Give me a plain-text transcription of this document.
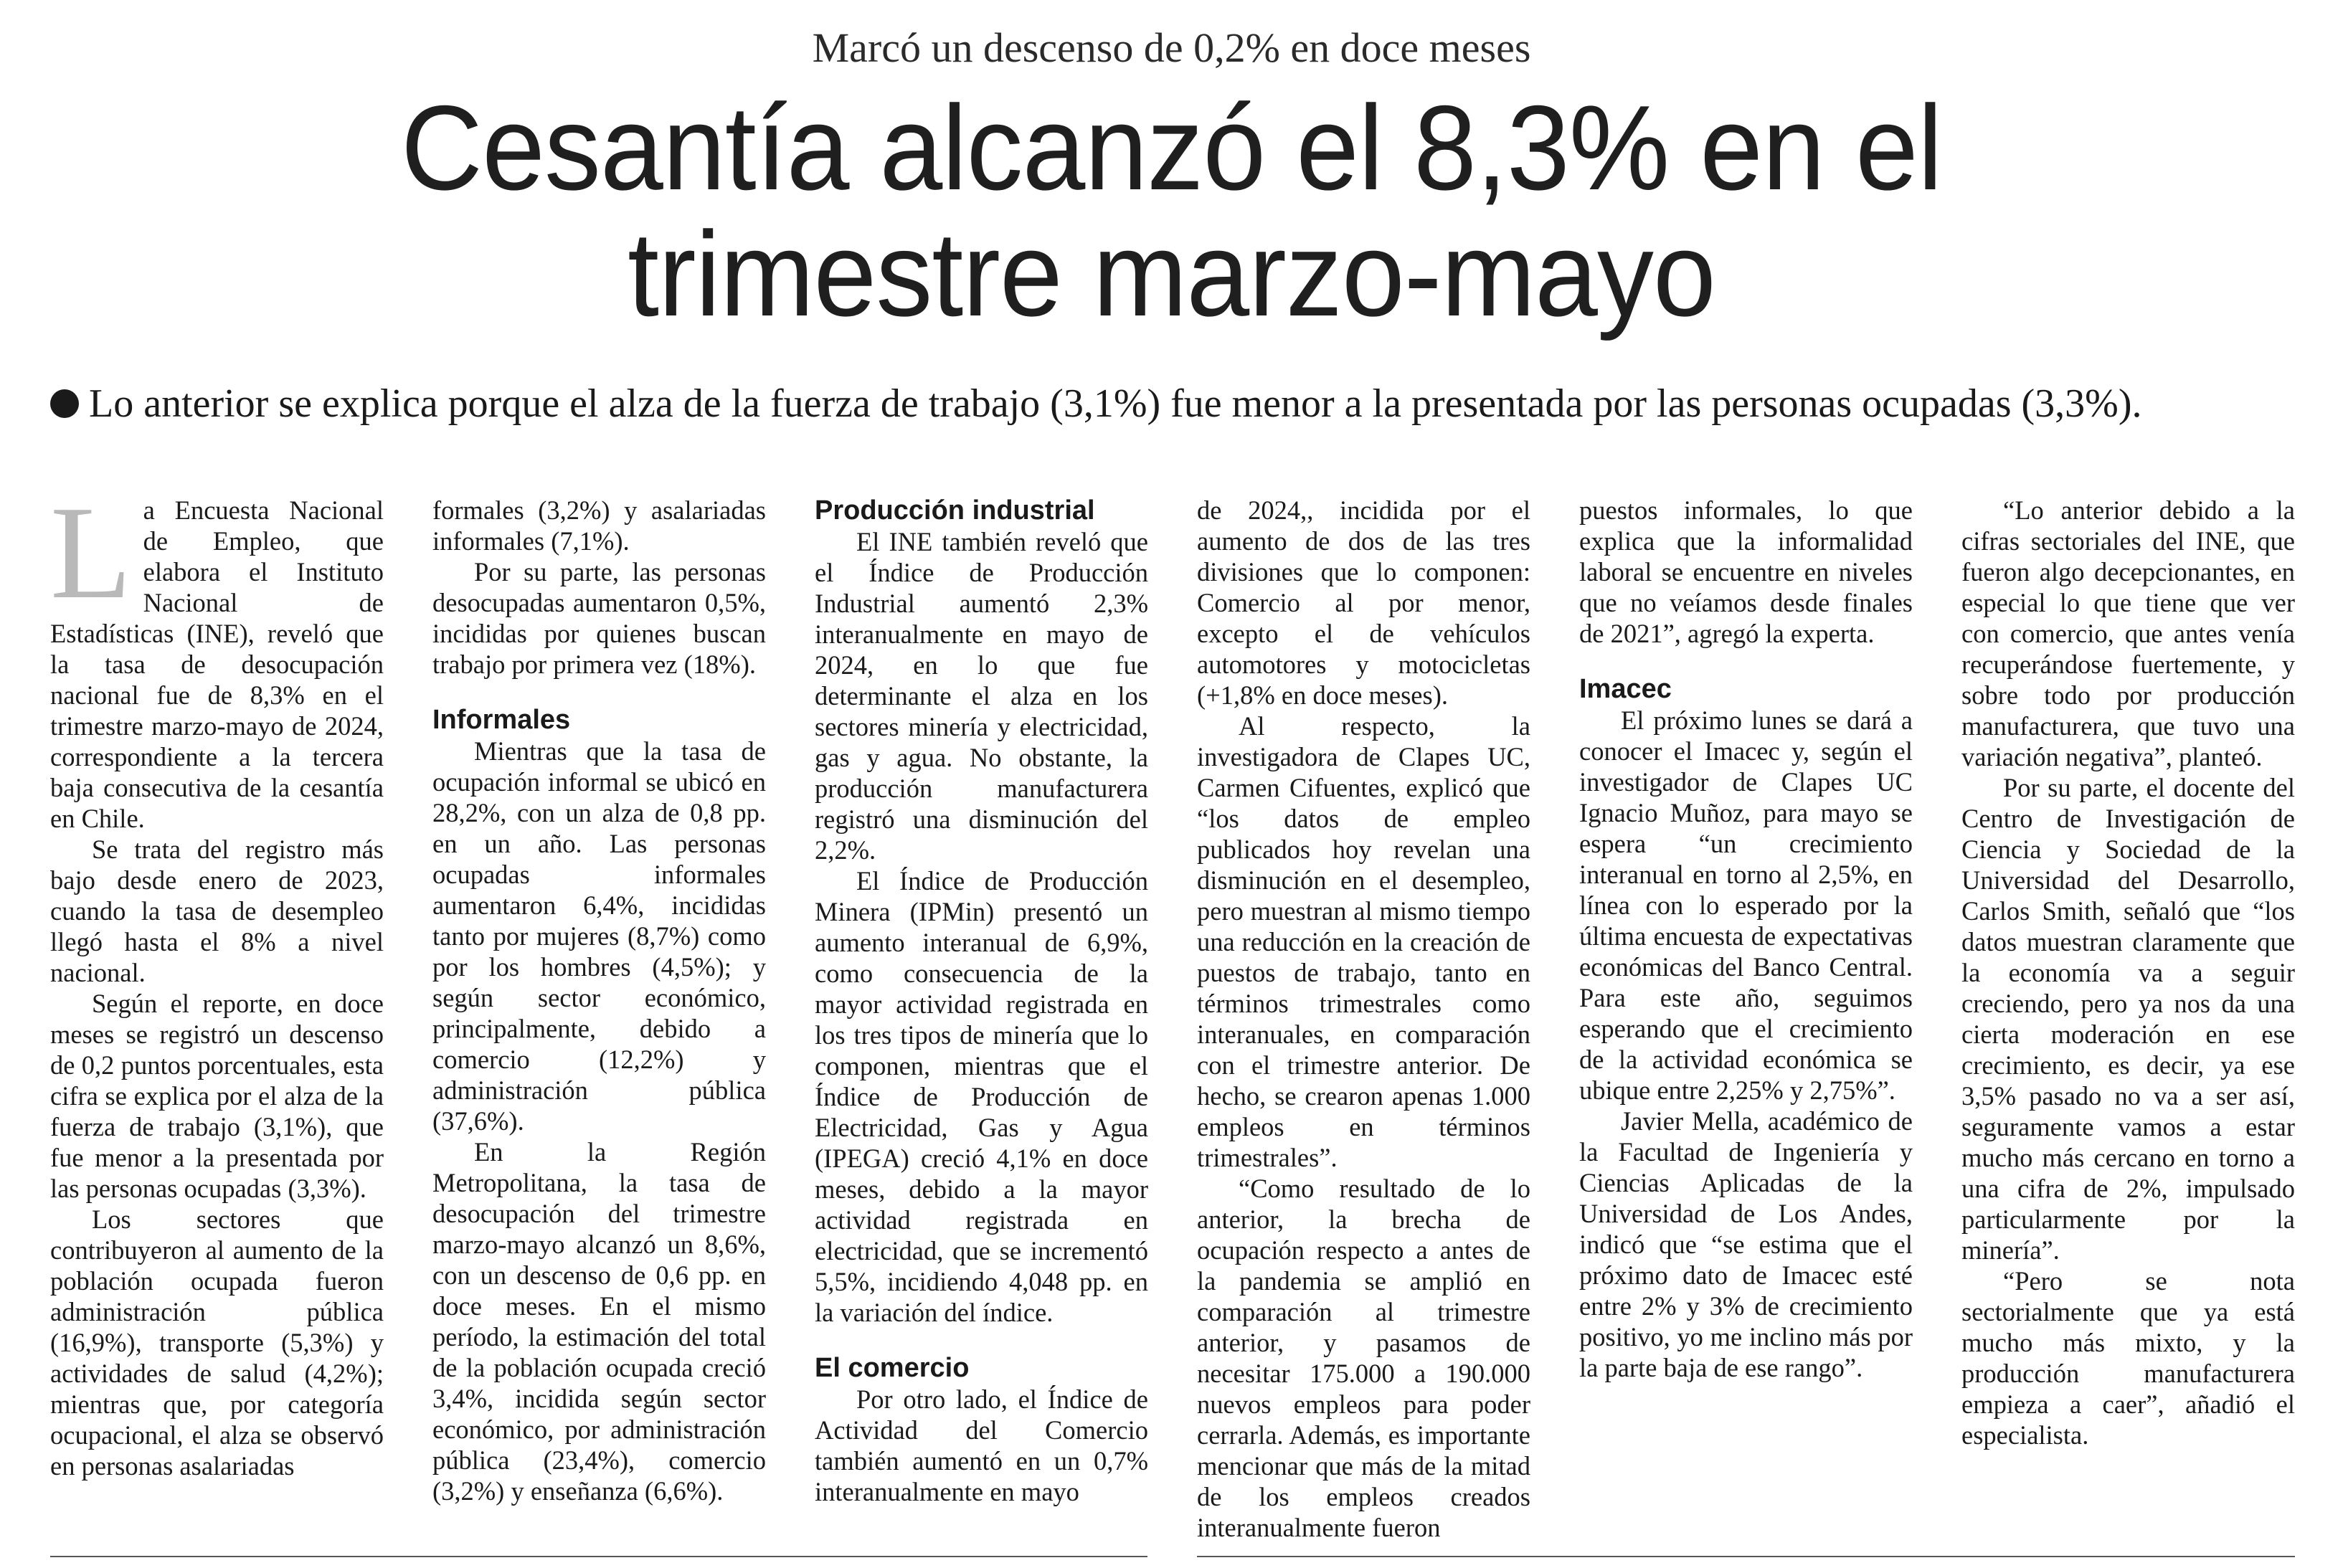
Marcó un descenso de 0,2% en doce meses
Cesantía alcanzó el 8,3% en el
trimestre marzo-mayo
Lo anterior se explica porque el alza de la fuerza de trabajo (3,1%) fue menor a la presentada por las personas ocupadas (3,3%).
L a Encuesta Nacional de Empleo, que elabora el Instituto Nacional de Estadísticas (INE), reveló que la tasa de desocupación nacional fue de 8,3% en el trimestre marzo-mayo de 2024, correspondiente a la tercera baja consecutiva de la cesantía en Chile.

Se trata del registro más bajo desde enero de 2023, cuando la tasa de desempleo llegó hasta el 8% a nivel nacional.

Según el reporte, en doce meses se registró un descenso de 0,2 puntos porcentuales, esta cifra se explica por el alza de la fuerza de trabajo (3,1%), que fue menor a la presentada por las personas ocupadas (3,3%).

Los sectores que contribuyeron al aumento de la población ocupada fueron administración pública (16,9%), transporte (5,3%) y actividades de salud (4,2%); mientras que, por categoría ocupacional, el alza se observó en personas asalariadas

formales (3,2%) y asalariadas informales (7,1%).

Por su parte, las personas desocupadas aumentaron 0,5%, incididas por quienes buscan trabajo por primera vez (18%).

Informales

Mientras que la tasa de ocupación informal se ubicó en 28,2%, con un alza de 0,8 pp. en un año. Las personas ocupadas informales aumentaron 6,4%, incididas tanto por mujeres (8,7%) como por los hombres (4,5%); y según sector económico, principalmente, debido a comercio (12,2%) y administración pública (37,6%).

En la Región Metropolitana, la tasa de desocupación del trimestre marzo-mayo alcanzó un 8,6%, con un descenso de 0,6 pp. en doce meses. En el mismo período, la estimación del total de la población ocupada creció 3,4%, incidida según sector económico, por administración pública (23,4%), comercio (3,2%) y enseñanza (6,6%).

Producción industrial

El INE también reveló que el Índice de Producción Industrial aumentó 2,3% interanualmente en mayo de 2024, en lo que fue determinante el alza en los sectores minería y electricidad, gas y agua. No obstante, la producción manufacturera registró una disminución del 2,2%.

El Índice de Producción Minera (IPMin) presentó un aumento interanual de 6,9%, como consecuencia de la mayor actividad registrada en los tres tipos de minería que lo componen, mientras que el Índice de Producción de Electricidad, Gas y Agua (IPEGA) creció 4,1% en doce meses, debido a la mayor actividad registrada en electricidad, que se incrementó 5,5%, incidiendo 4,048 pp. en la variación del índice.

El comercio

Por otro lado, el Índice de Actividad del Comercio también aumentó en un 0,7% interanualmente en mayo

de 2024,, incidida por el aumento de dos de las tres divisiones que lo componen: Comercio al por menor, excepto el de vehículos automotores y motocicletas (+1,8% en doce meses).

Al respecto, la investigadora de Clapes UC, Carmen Cifuentes, explicó que “los datos de empleo publicados hoy revelan una disminución en el desempleo, pero muestran al mismo tiempo una reducción en la creación de puestos de trabajo, tanto en términos trimestrales como interanuales, en comparación con el trimestre anterior. De hecho, se crearon apenas 1.000 empleos en términos trimestrales”.

“Como resultado de lo anterior, la brecha de ocupación respecto a antes de la pandemia se amplió en comparación al trimestre anterior, y pasamos de necesitar 175.000 a 190.000 nuevos empleos para poder cerrarla. Además, es importante mencionar que más de la mitad de los empleos creados interanualmente fueron

puestos informales, lo que explica que la informalidad laboral se encuentre en niveles que no veíamos desde finales de 2021”, agregó la experta.

Imacec

El próximo lunes se dará a conocer el Imacec y, según el investigador de Clapes UC Ignacio Muñoz, para mayo se espera “un crecimiento interanual en torno al 2,5%, en línea con lo esperado por la última encuesta de expectativas económicas del Banco Central. Para este año, seguimos esperando que el crecimiento de la actividad económica se ubique entre 2,25% y 2,75%”.

Javier Mella, académico de la Facultad de Ingeniería y Ciencias Aplicadas de la Universidad de Los Andes, indicó que “se estima que el próximo dato de Imacec esté entre 2% y 3% de crecimiento positivo, yo me inclino más por la parte baja de ese rango”.

“Lo anterior debido a la cifras sectoriales del INE, que fueron algo decepcionantes, en especial lo que tiene que ver con comercio, que antes venía recuperándose fuertemente, y sobre todo por producción manufacturera, que tuvo una variación negativa”, planteó.

Por su parte, el docente del Centro de Investigación de Ciencia y Sociedad de la Universidad del Desarrollo, Carlos Smith, señaló que “los datos muestran claramente que la economía va a seguir creciendo, pero ya nos da una cierta moderación en ese crecimiento, es decir, ya ese 3,5% pasado no va a ser así, seguramente vamos a estar mucho más cercano en torno a una cifra de 2%, impulsado particularmente por la minería”.

“Pero se nota sectorialmente que ya está mucho más mixto, y la producción manufacturera empieza a caer”, añadió el especialista.
